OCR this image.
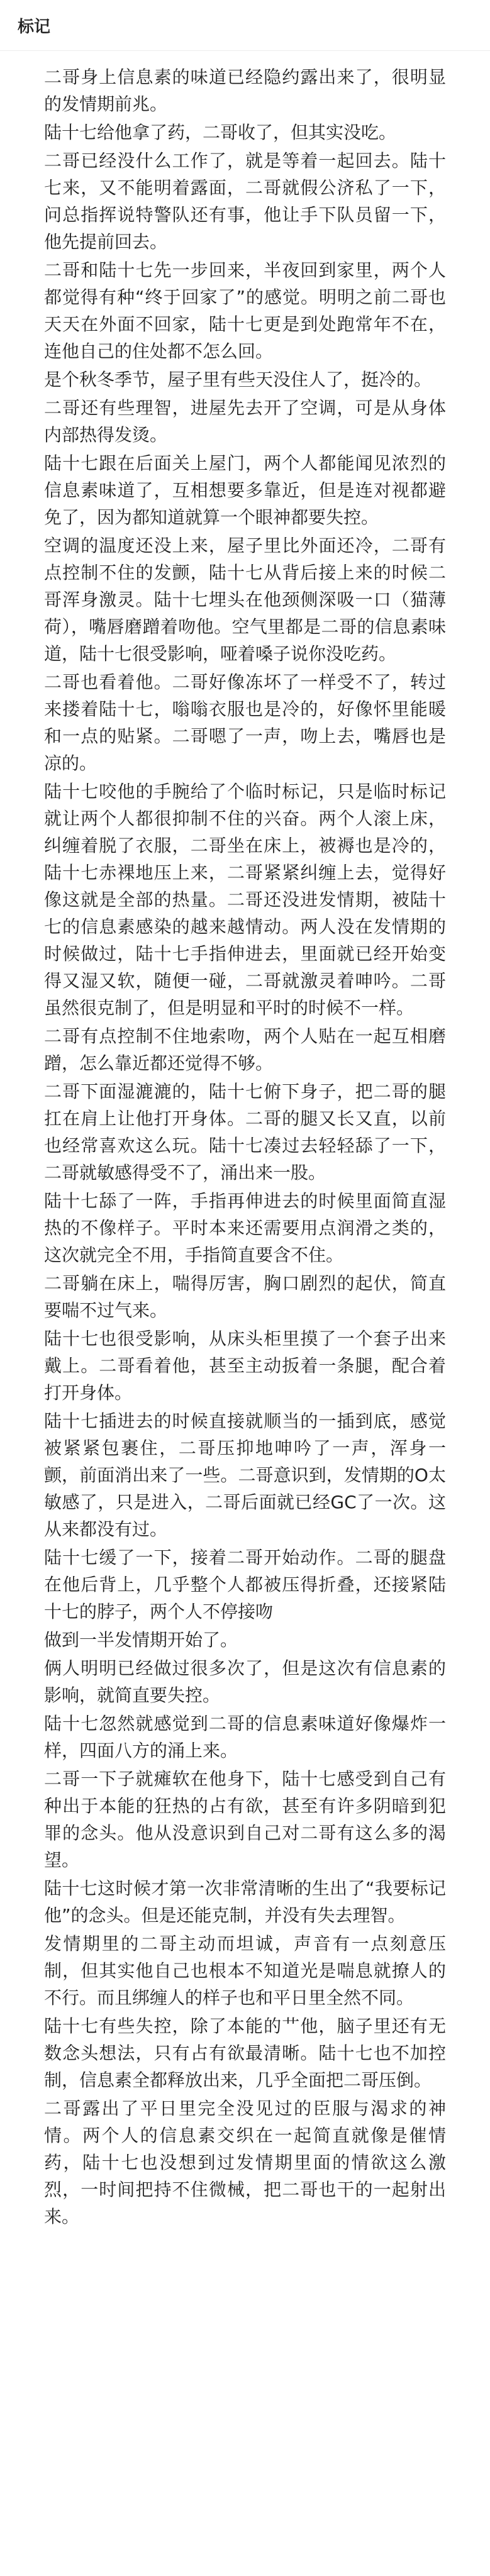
标记

二哥身上信息素的味道已经隐约露出来了，很明显的发情期前兆。

陆十七给他拿了药，二哥收了，但其实没吃。

二哥已经没什么工作了，就是等着一起回去。陆十七来，又不能明着露面，二哥就假公济私了一下，问总指挥说特警队还有事，他让手下队员留一下，他先提前回去。

二哥和陆十七先一步回来，半夜回到家里，两个人都觉得有种“终于回家了”的感觉。明明之前二哥也天天在外面不回家，陆十七更是到处跑常年不在，连他自己的住处都不怎么回。

是个秋冬季节，屋子里有些天没住人了，挺冷的。

二哥还有些理智，进屋先去开了空调，可是从身体内部热得发烫。

陆十七跟在后面关上屋门，两个人都能闻见浓烈的信息素味道了，互相想要多靠近，但是连对视都避免了，因为都知道就算一个眼神都要失控。

空调的温度还没上来，屋子里比外面还冷，二哥有点控制不住的发颤，陆十七从背后接上来的时候二哥浑身激灵。陆十七埋头在他颈侧深吸一口（猫薄荷），嘴唇磨蹭着吻他。空气里都是二哥的信息素味道，陆十七很受影响，哑着嗓子说你没吃药。

二哥也看着他。二哥好像冻坏了一样受不了，转过来搂着陆十七，嗡嗡衣服也是冷的，好像怀里能暖和一点的贴紧。二哥嗯了一声，吻上去，嘴唇也是凉的。

陆十七咬他的手腕给了个临时标记，只是临时标记就让两个人都很抑制不住的兴奋。两个人滚上床，纠缠着脱了衣服，二哥坐在床上，被褥也是冷的，陆十七赤裸地压上来，二哥紧紧纠缠上去，觉得好像这就是全部的热量。二哥还没进发情期，被陆十七的信息素感染的越来越情动。两人没在发情期的时候做过，陆十七手指伸进去，里面就已经开始变得又湿又软，随便一碰，二哥就激灵着呻吟。二哥虽然很克制了，但是明显和平时的时候不一样。

二哥有点控制不住地索吻，两个人贴在一起互相磨蹭，怎么靠近都还觉得不够。

二哥下面湿漉漉的，陆十七俯下身子，把二哥的腿扛在肩上让他打开身体。二哥的腿又长又直，以前也经常喜欢这么玩。陆十七凑过去轻轻舔了一下，二哥就敏感得受不了，涌出来一股。

陆十七舔了一阵，手指再伸进去的时候里面简直湿热的不像样子。平时本来还需要用点润滑之类的，这次就完全不用，手指简直要含不住。

二哥躺在床上，喘得厉害，胸口剧烈的起伏，简直要喘不过气来。

陆十七也很受影响，从床头柜里摸了一个套子出来戴上。二哥看着他，甚至主动扳着一条腿，配合着打开身体。

陆十七插进去的时候直接就顺当的一插到底，感觉被紧紧包裹住，二哥压抑地呻吟了一声，浑身一颤，前面消出来了一些。二哥意识到，发情期的O太敏感了，只是进入，二哥后面就已经GC了一次。这从来都没有过。

陆十七缓了一下，接着二哥开始动作。二哥的腿盘在他后背上，几乎整个人都被压得折叠，还接紧陆十七的脖子，两个人不停接吻

做到一半发情期开始了。

俩人明明已经做过很多次了，但是这次有信息素的影响，就简直要失控。

陆十七忽然就感觉到二哥的信息素味道好像爆炸一样，四面八方的涌上来。

二哥一下子就瘫软在他身下，陆十七感受到自己有种出于本能的狂热的占有欲，甚至有许多阴暗到犯罪的念头。他从没意识到自己对二哥有这么多的渴望。

陆十七这时候才第一次非常清晰的生出了“我要标记他”的念头。但是还能克制，并没有失去理智。

发情期里的二哥主动而坦诚，声音有一点刻意压制，但其实他自己也根本不知道光是喘息就撩人的不行。而且绑缠人的样子也和平日里全然不同。

陆十七有些失控，除了本能的艹他，脑子里还有无数念头想法，只有占有欲最清晰。陆十七也不加控制，信息素全都释放出来，几乎全面把二哥压倒。

二哥露出了平日里完全没见过的臣服与渴求的神情。两个人的信息素交织在一起简直就像是催情药，陆十七也没想到过发情期里面的情欲这么激烈，一时间把持不住微械，把二哥也干的一起射出来。
